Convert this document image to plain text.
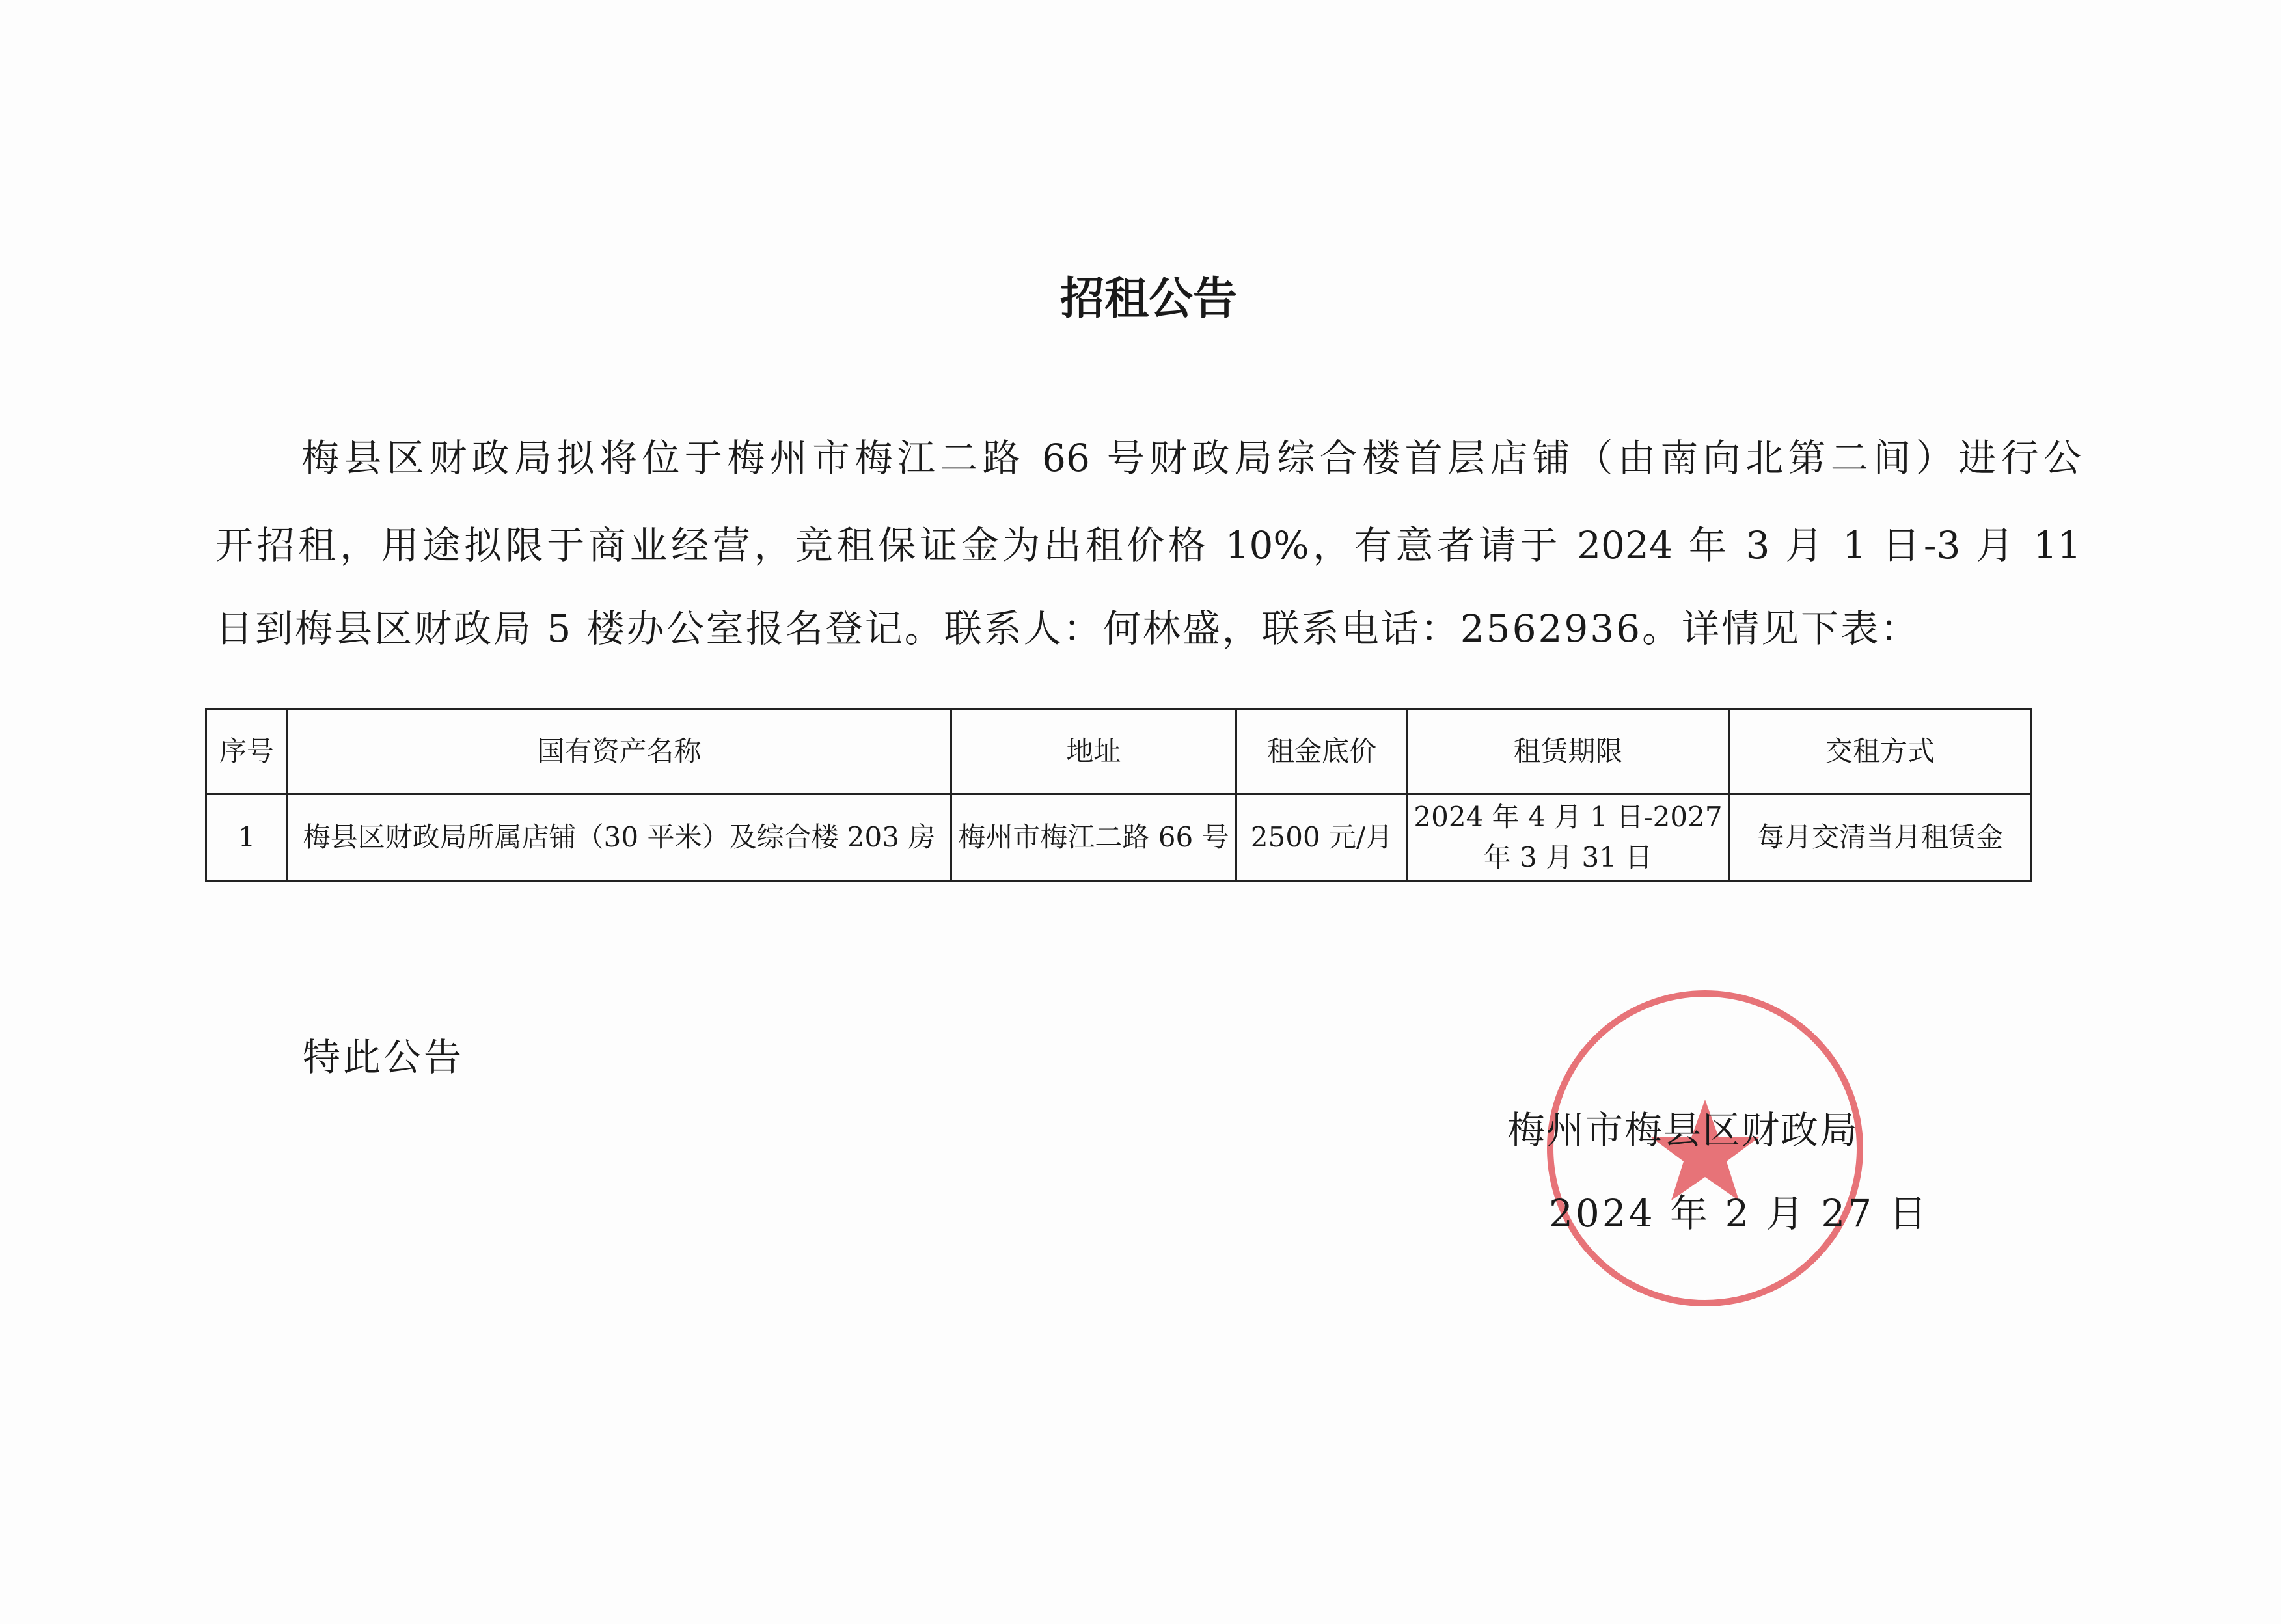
招租公告
梅县区财政局拟将位于梅州市梅江二路 66 号财政局综合楼首层店铺（由南向北第二间）进行公
开招租，用途拟限于商业经营，竞租保证金为出租价格 10%，有意者请于 2024 年 3 月 1 日-3 月 11
日到梅县区财政局 5 楼办公室报名登记。联系人：何林盛，联系电话：2562936。详情见下表：
序号	国有资产名称	地址	租金底价	租赁期限	交租方式
1	梅县区财政局所属店铺（30 平米）及综合楼 203 房	梅州市梅江二路 66 号	2500 元/月	2024 年 4 月 1 日-2027 年 3 月 31 日	每月交清当月租赁金
特此公告
梅州市梅县区财政局
2024 年 2 月 27 日
